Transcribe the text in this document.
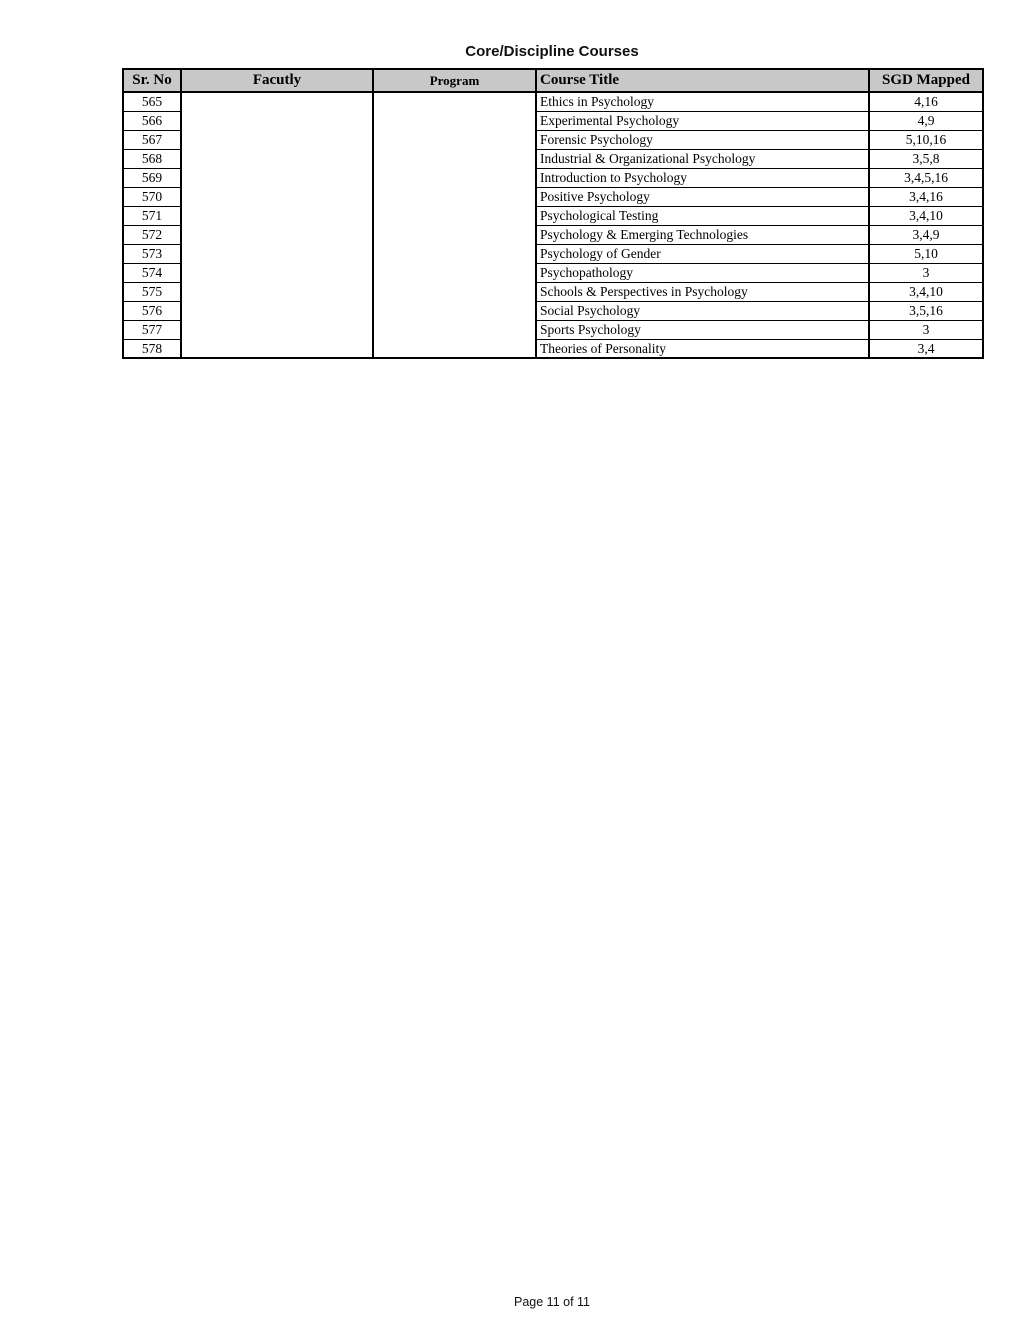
Core/Discipline Courses
Sr. No	Facutly	Program	Course Title	SGD Mapped
565			Ethics in Psychology	4,16
566			Experimental Psychology	4,9
567			Forensic Psychology	5,10,16
568			Industrial & Organizational Psychology	3,5,8
569			Introduction to Psychology	3,4,5,16
570			Positive Psychology	3,4,16
571			Psychological Testing	3,4,10
572			Psychology & Emerging Technologies	3,4,9
573			Psychology of Gender	5,10
574			Psychopathology	3
575			Schools & Perspectives in Psychology	3,4,10
576			Social Psychology	3,5,16
577			Sports Psychology	3
578			Theories of Personality	3,4
Page 11 of 11
